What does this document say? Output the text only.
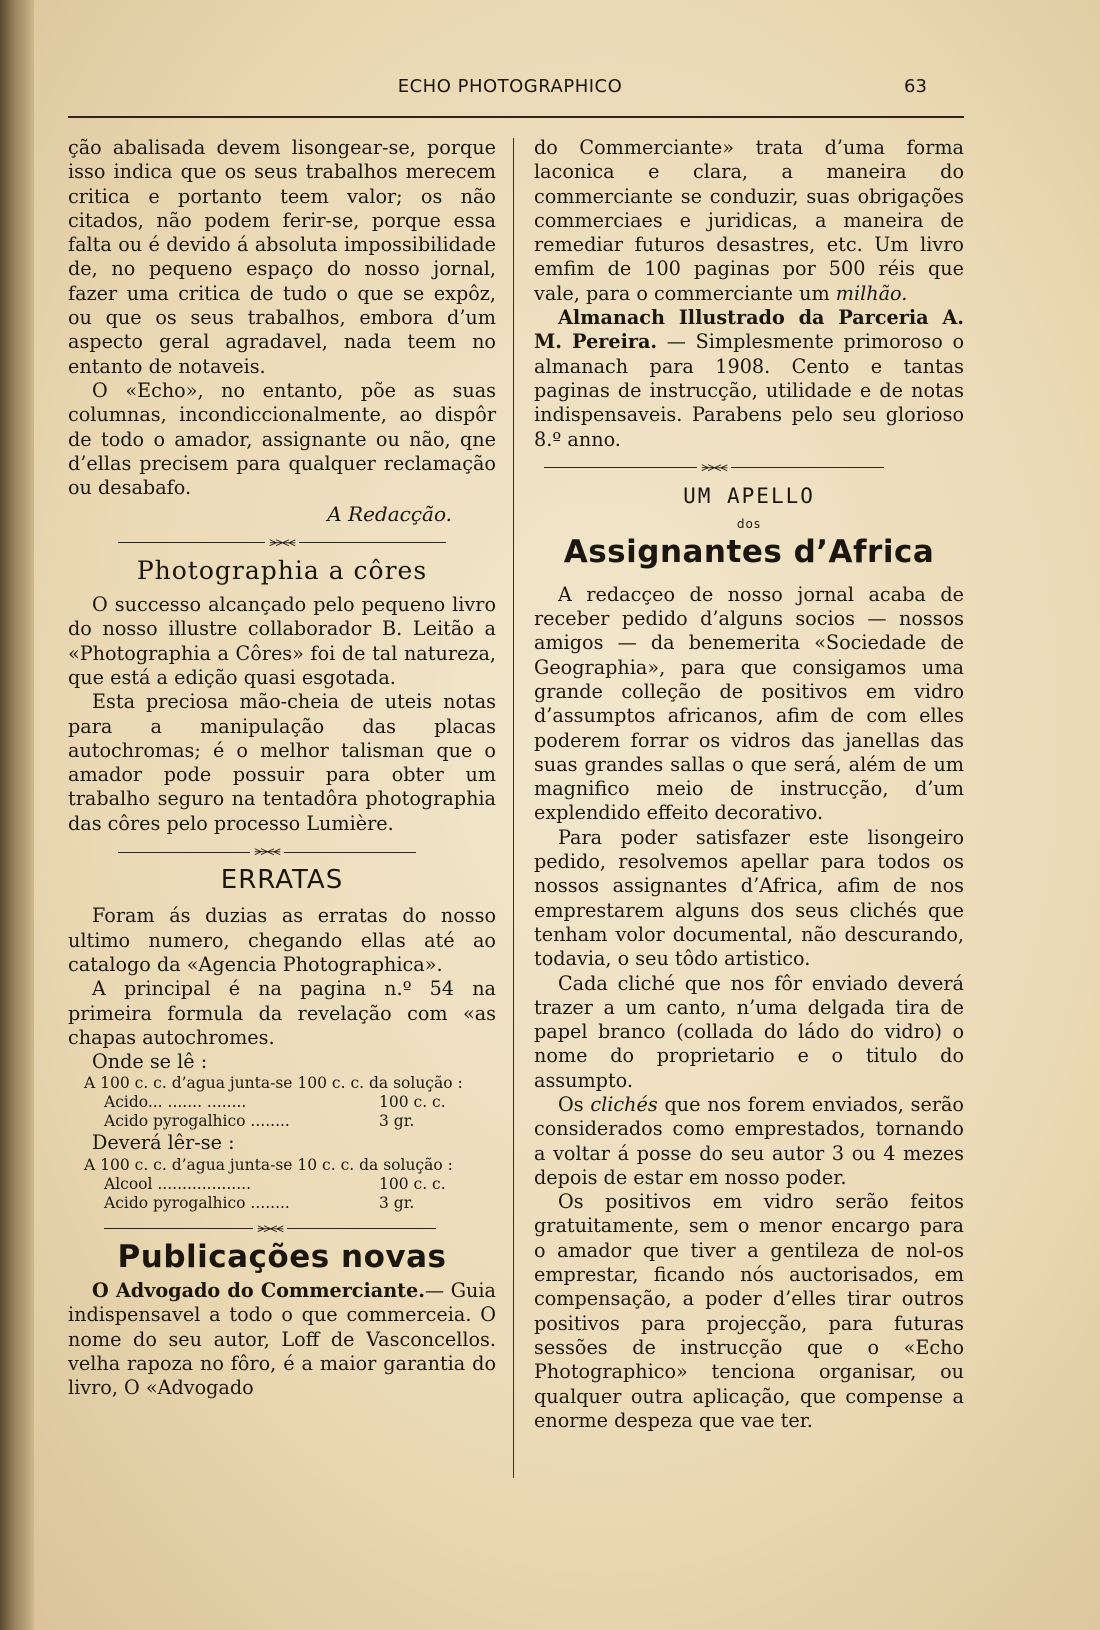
ECHO PHOTOGRAPHICO	63

ção abalisada devem lisongear-se, porque isso indica que os seus trabalhos merecem critica e portanto teem valor; os não citados, não podem ferir-se, porque essa falta ou é devido á absoluta impossibilidade de, no pequeno espaço do nosso jornal, fazer uma critica de tudo o que se expôz, ou que os seus trabalhos, embora d’um aspecto geral agradavel, nada teem no entanto de notaveis.

O «Echo», no entanto, põe as suas columnas, incondiccionalmente, ao dispôr de todo o amador, assignante ou não, qne d’ellas precisem para qualquer reclamação ou desabafo.

A Redacção.
⪫⪫⪪⪪
Photographia a côres

O successo alcançado pelo pequeno livro do nosso illustre collaborador B. Leitão a «Photographia a Côres» foi de tal natureza, que está a edição quasi esgotada.

Esta preciosa mão-cheia de uteis notas para a manipulação das placas autochromas; é o melhor talisman que o amador pode possuir para obter um trabalho seguro na tentadôra photographia das côres pelo processo Lumière.

⪫⪫⪪⪪
ERRATAS

Foram ás duzias as erratas do nosso ultimo numero, chegando ellas até ao catalogo da «Agencia Photographica».

A principal é na pagina n.º 54 na primeira formula da revelação com «as chapas autochromes.

Onde se lê :
A 100 c. c. d’agua junta-se 100 c. c. da solução :
Acido... ....... ........	100 c. c.
Acido pyrogalhico ........	3 gr.
Deverá lêr-se :
A 100 c. c. d’agua junta-se 10 c. c. da solução :
Alcool ...................	100 c. c.
Acido pyrogalhico ........	3 gr.
⪫⪫⪪⪪
Publicações novas

O Advogado do Commerciante.— Guia indispensavel a todo o que commerceia. O nome do seu autor, Loff de Vasconcellos. velha rapoza no fôro, é a maior garantia do livro, O «Advogado

do Commerciante» trata d’uma forma laconica e clara, a maneira do commerciante se conduzir, suas obrigações commerciaes e juridicas, a maneira de remediar futuros desastres, etc. Um livro emfim de 100 paginas por 500 réis que vale, para o commerciante um milhão.

Almanach Illustrado da Parceria A. M. Pereira. — Simplesmente primoroso o almanach para 1908. Cento e tantas paginas de instrucção, utilidade e de notas indispensaveis. Parabens pelo seu glorioso 8.º anno.

⪫⪫⪪⪪
UM APELLO
dos
Assignantes d’Africa

A redacçeo de nosso jornal acaba de receber pedido d’alguns socios — nossos amigos — da benemerita «Sociedade de Geographia», para que consigamos uma grande colleção de positivos em vidro d’assumptos africanos, afim de com elles poderem forrar os vidros das janellas das suas grandes sallas o que será, além de um magnifico meio de instrucção, d’um explendido effeito decorativo.

Para poder satisfazer este lisongeiro pedido, resolvemos apellar para todos os nossos assignantes d’Africa, afim de nos emprestarem alguns dos seus clichés que tenham volor documental, não descurando, todavia, o seu tôdo artistico.

Cada cliché que nos fôr enviado deverá trazer a um canto, n’uma delgada tira de papel branco (collada do ládo do vidro) o nome do proprietario e o titulo do assumpto.

Os clichés que nos forem enviados, serão considerados como emprestados, tornando a voltar á posse do seu autor 3 ou 4 mezes depois de estar em nosso poder.

Os positivos em vidro serão feitos gratuitamente, sem o menor encargo para o amador que tiver a gentileza de nol-os emprestar, ficando nós auctorisados, em compensação, a poder d’elles tirar outros positivos para projecção, para futuras sessões de instrucção que o «Echo Photographico» tenciona organisar, ou qualquer outra aplicação, que compense a enorme despeza que vae ter.
